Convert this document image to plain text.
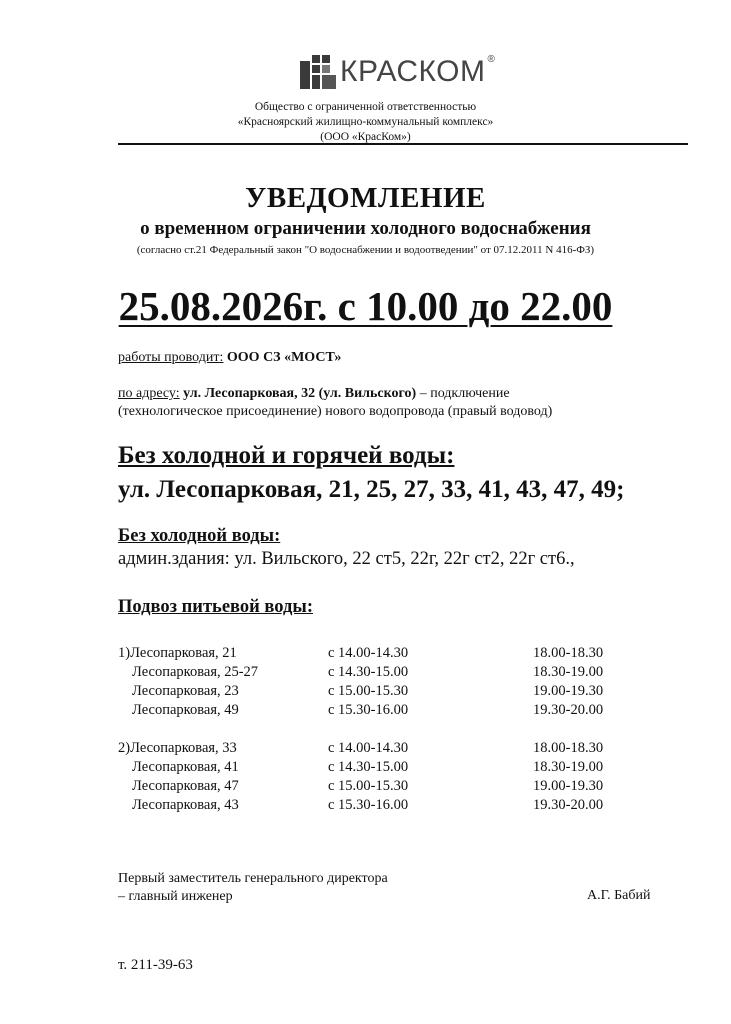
КРАСКОМ ®
Общество с ограниченной ответственностью
«Красноярский жилищно-коммунальный комплекс»
(ООО «КрасКом»)
УВЕДОМЛЕНИЕ
о временном ограничении холодного водоснабжения
(согласно ст.21 Федеральный закон "О водоснабжении и водоотведении" от 07.12.2011 N 416-ФЗ)
25.08.2026г. с 10.00 до 22.00
работы проводит: ООО СЗ «МОСТ»
по адресу: ул. Лесопарковая, 32 (ул. Вильского) – подключение
(технологическое присоединение) нового водопровода (правый водовод)
Без холодной и горячей воды:
ул. Лесопарковая, 21, 25, 27, 33, 41, 43, 47, 49;
Без холодной воды:
админ.здания: ул. Вильского, 22 ст5, 22г, 22г ст2, 22г ст6.,
Подвоз питьевой воды:
1)Лесопарковая, 21	с 14.00-14.30	18.00-18.30
Лесопарковая, 25-27	с 14.30-15.00	18.30-19.00
Лесопарковая, 23	с 15.00-15.30	19.00-19.30
Лесопарковая, 49	с 15.30-16.00	19.30-20.00
2)Лесопарковая, 33	с 14.00-14.30	18.00-18.30
Лесопарковая, 41	с 14.30-15.00	18.30-19.00
Лесопарковая, 47	с 15.00-15.30	19.00-19.30
Лесопарковая, 43	с 15.30-16.00	19.30-20.00
Первый заместитель генерального директора
– главный инженер	А.Г. Бабий
т. 211-39-63
